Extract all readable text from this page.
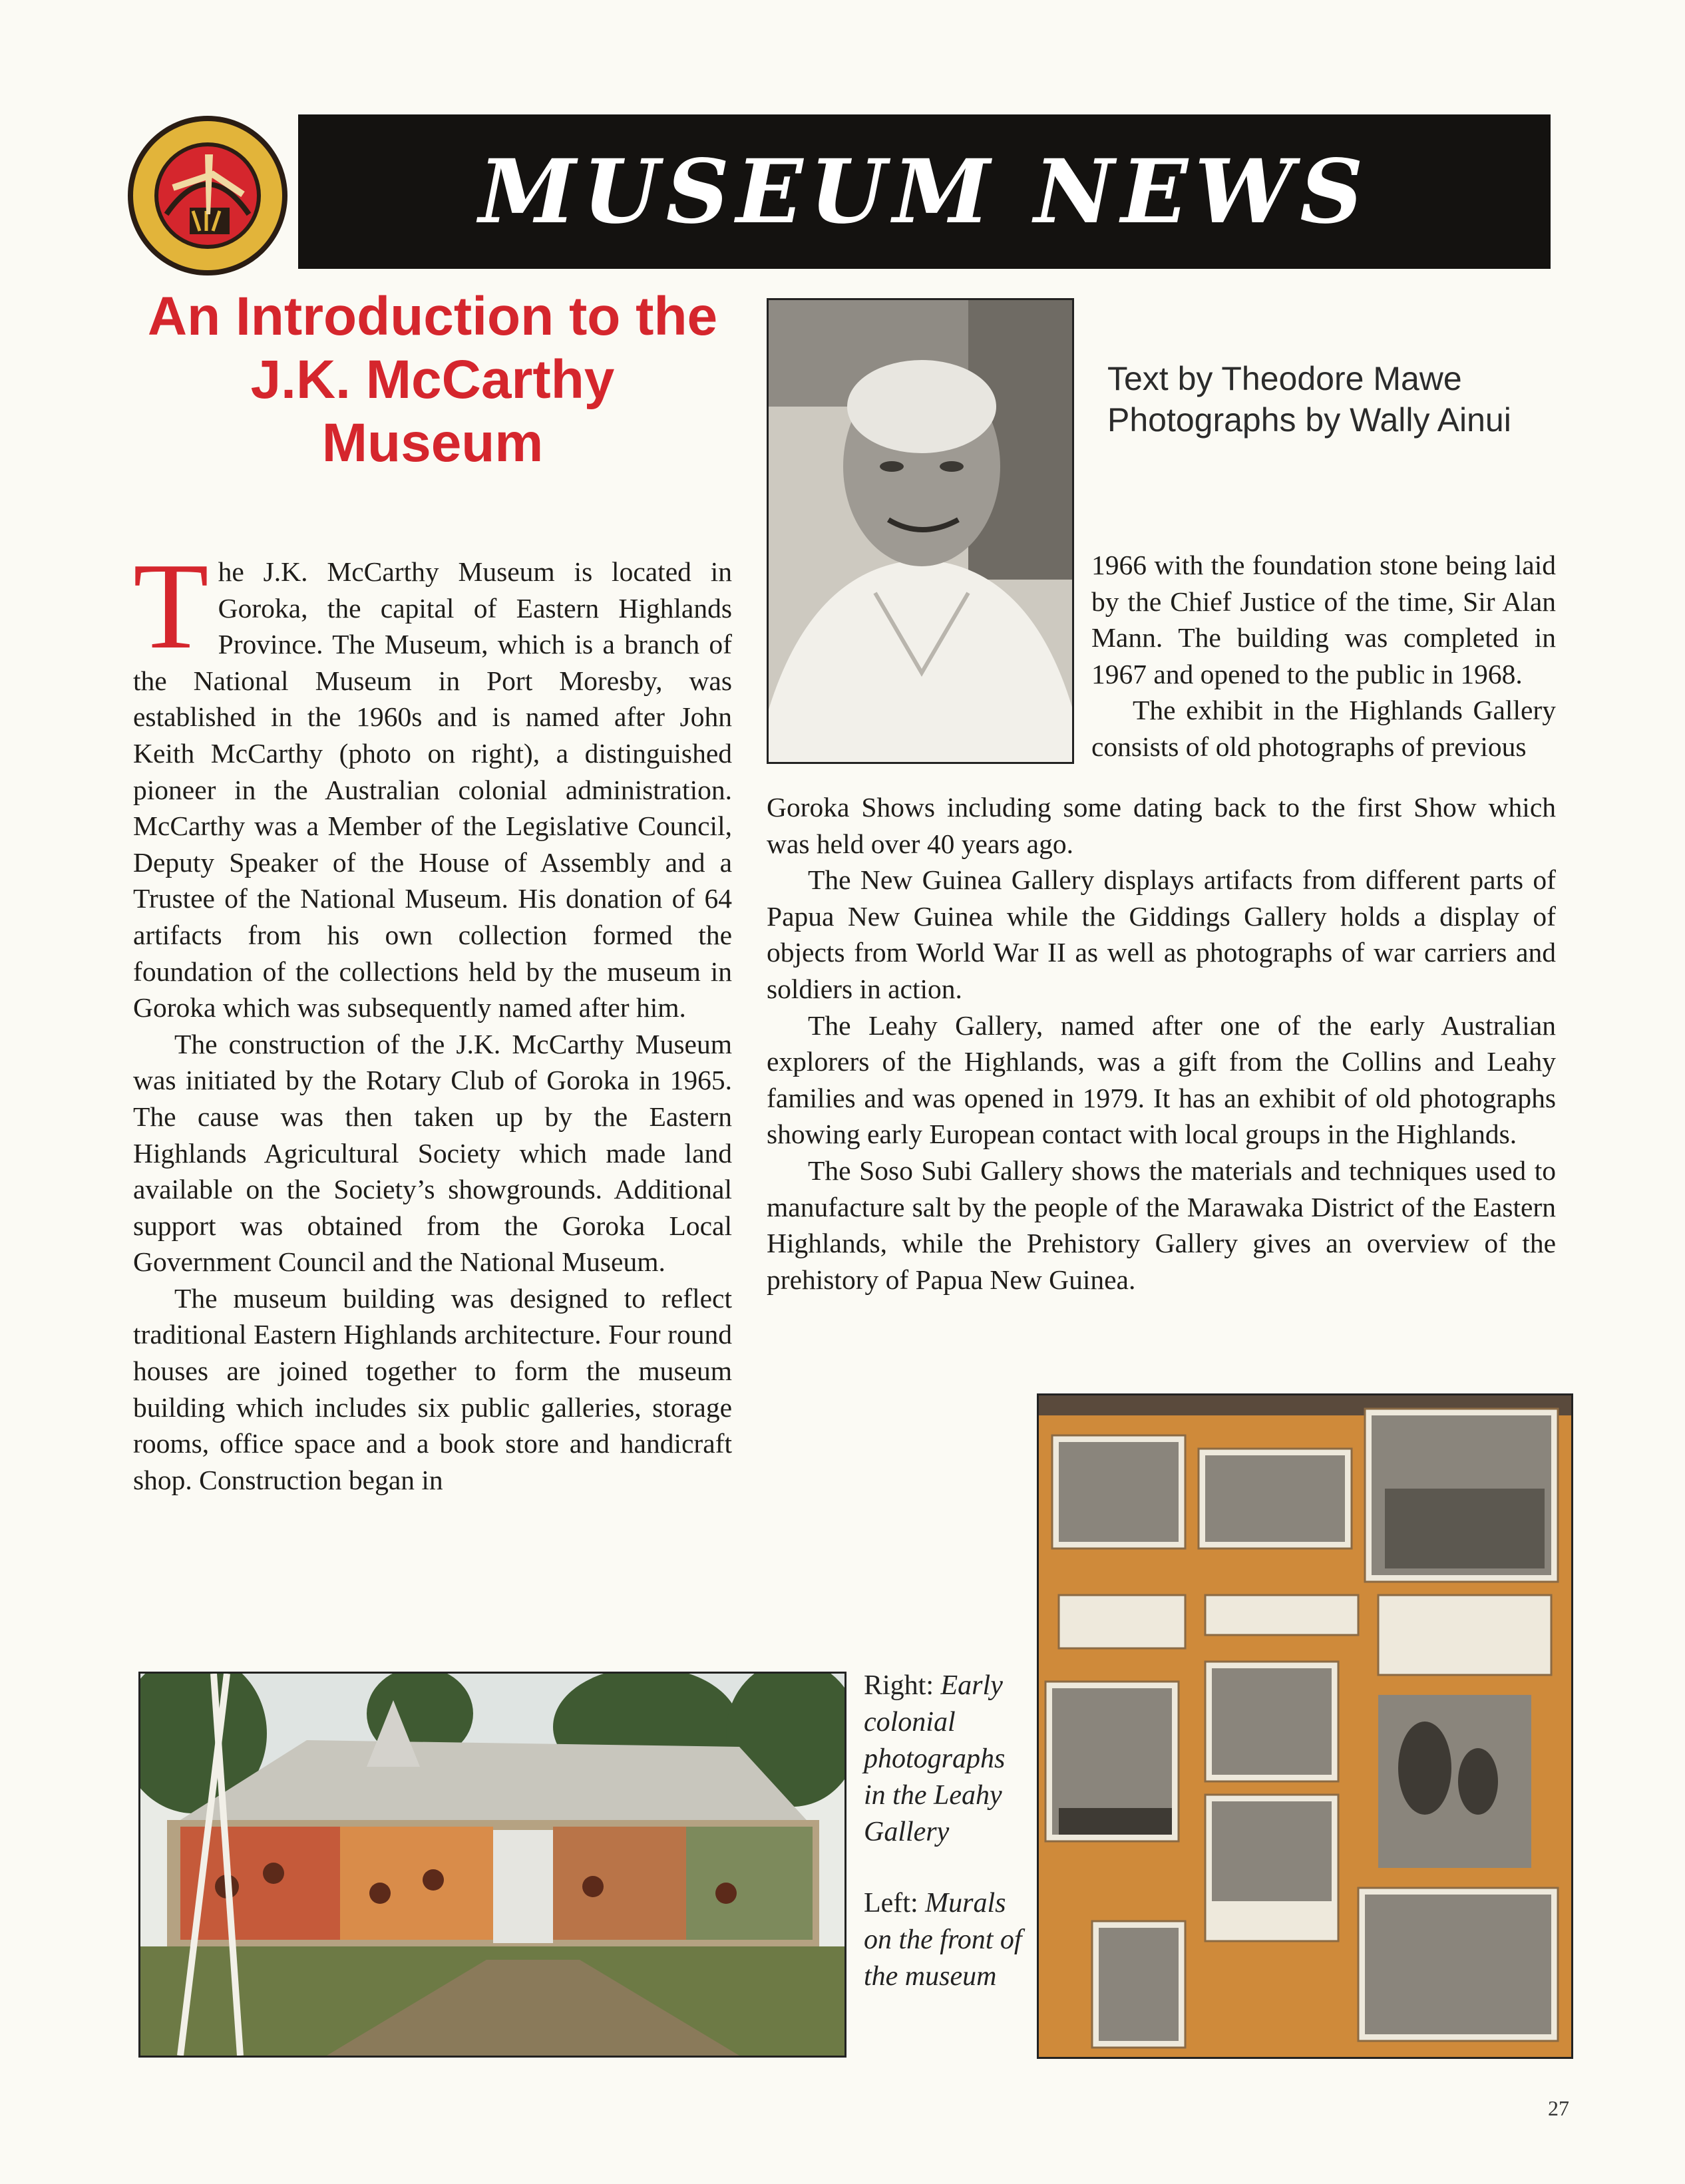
MUSEUM NEWS
An Introduction to the
J.K. McCarthy
Museum
Text by Theodore Mawe
Photographs by Wally Ainui

The J.K. McCarthy Museum is located in Goroka, the capital of Eastern Highlands Province. The Museum, which is a branch of the National Museum in Port Moresby, was established in the 1960s and is named after John Keith McCarthy (photo on right), a distinguished pioneer in the Australian colonial administration. McCarthy was a Member of the Legislative Council, Deputy Speaker of the House of Assembly and a Trustee of the National Museum. His donation of 64 artifacts from his own collection formed the foundation of the collections held by the museum in Goroka which was subsequently named after him.

The construction of the J.K. McCarthy Museum was initiated by the Rotary Club of Goroka in 1965. The cause was then taken up by the Eastern Highlands Agricultural Society which made land available on the Society’s showgrounds. Additional support was obtained from the Goroka Local Government Council and the National Museum.

The museum building was designed to reflect traditional Eastern Highlands architecture. Four round houses are joined together to form the museum building which includes six public galleries, storage rooms, office space and a book store and handicraft shop. Construction began in

1966 with the foundation stone being laid by the Chief Justice of the time, Sir Alan Mann. The building was completed in 1967 and opened to the public in 1968.

The exhibit in the Highlands Gallery consists of old photographs of previous

Goroka Shows including some dating back to the first Show which was held over 40 years ago.

The New Guinea Gallery displays artifacts from different parts of Papua New Guinea while the Giddings Gallery holds a display of objects from World War II as well as photographs of war carriers and soldiers in action.

The Leahy Gallery, named after one of the early Australian explorers of the Highlands, was a gift from the Collins and Leahy families and was opened in 1979. It has an exhibit of old photographs showing early European contact with local groups in the Highlands.

The Soso Subi Gallery shows the materials and techniques used to manufacture salt by the people of the Marawaka District of the Eastern Highlands, while the Prehistory Gallery gives an overview of the prehistory of Papua New Guinea.

Right: Early colonial photographs in the Leahy Gallery
Left: Murals on the front of the museum
27
